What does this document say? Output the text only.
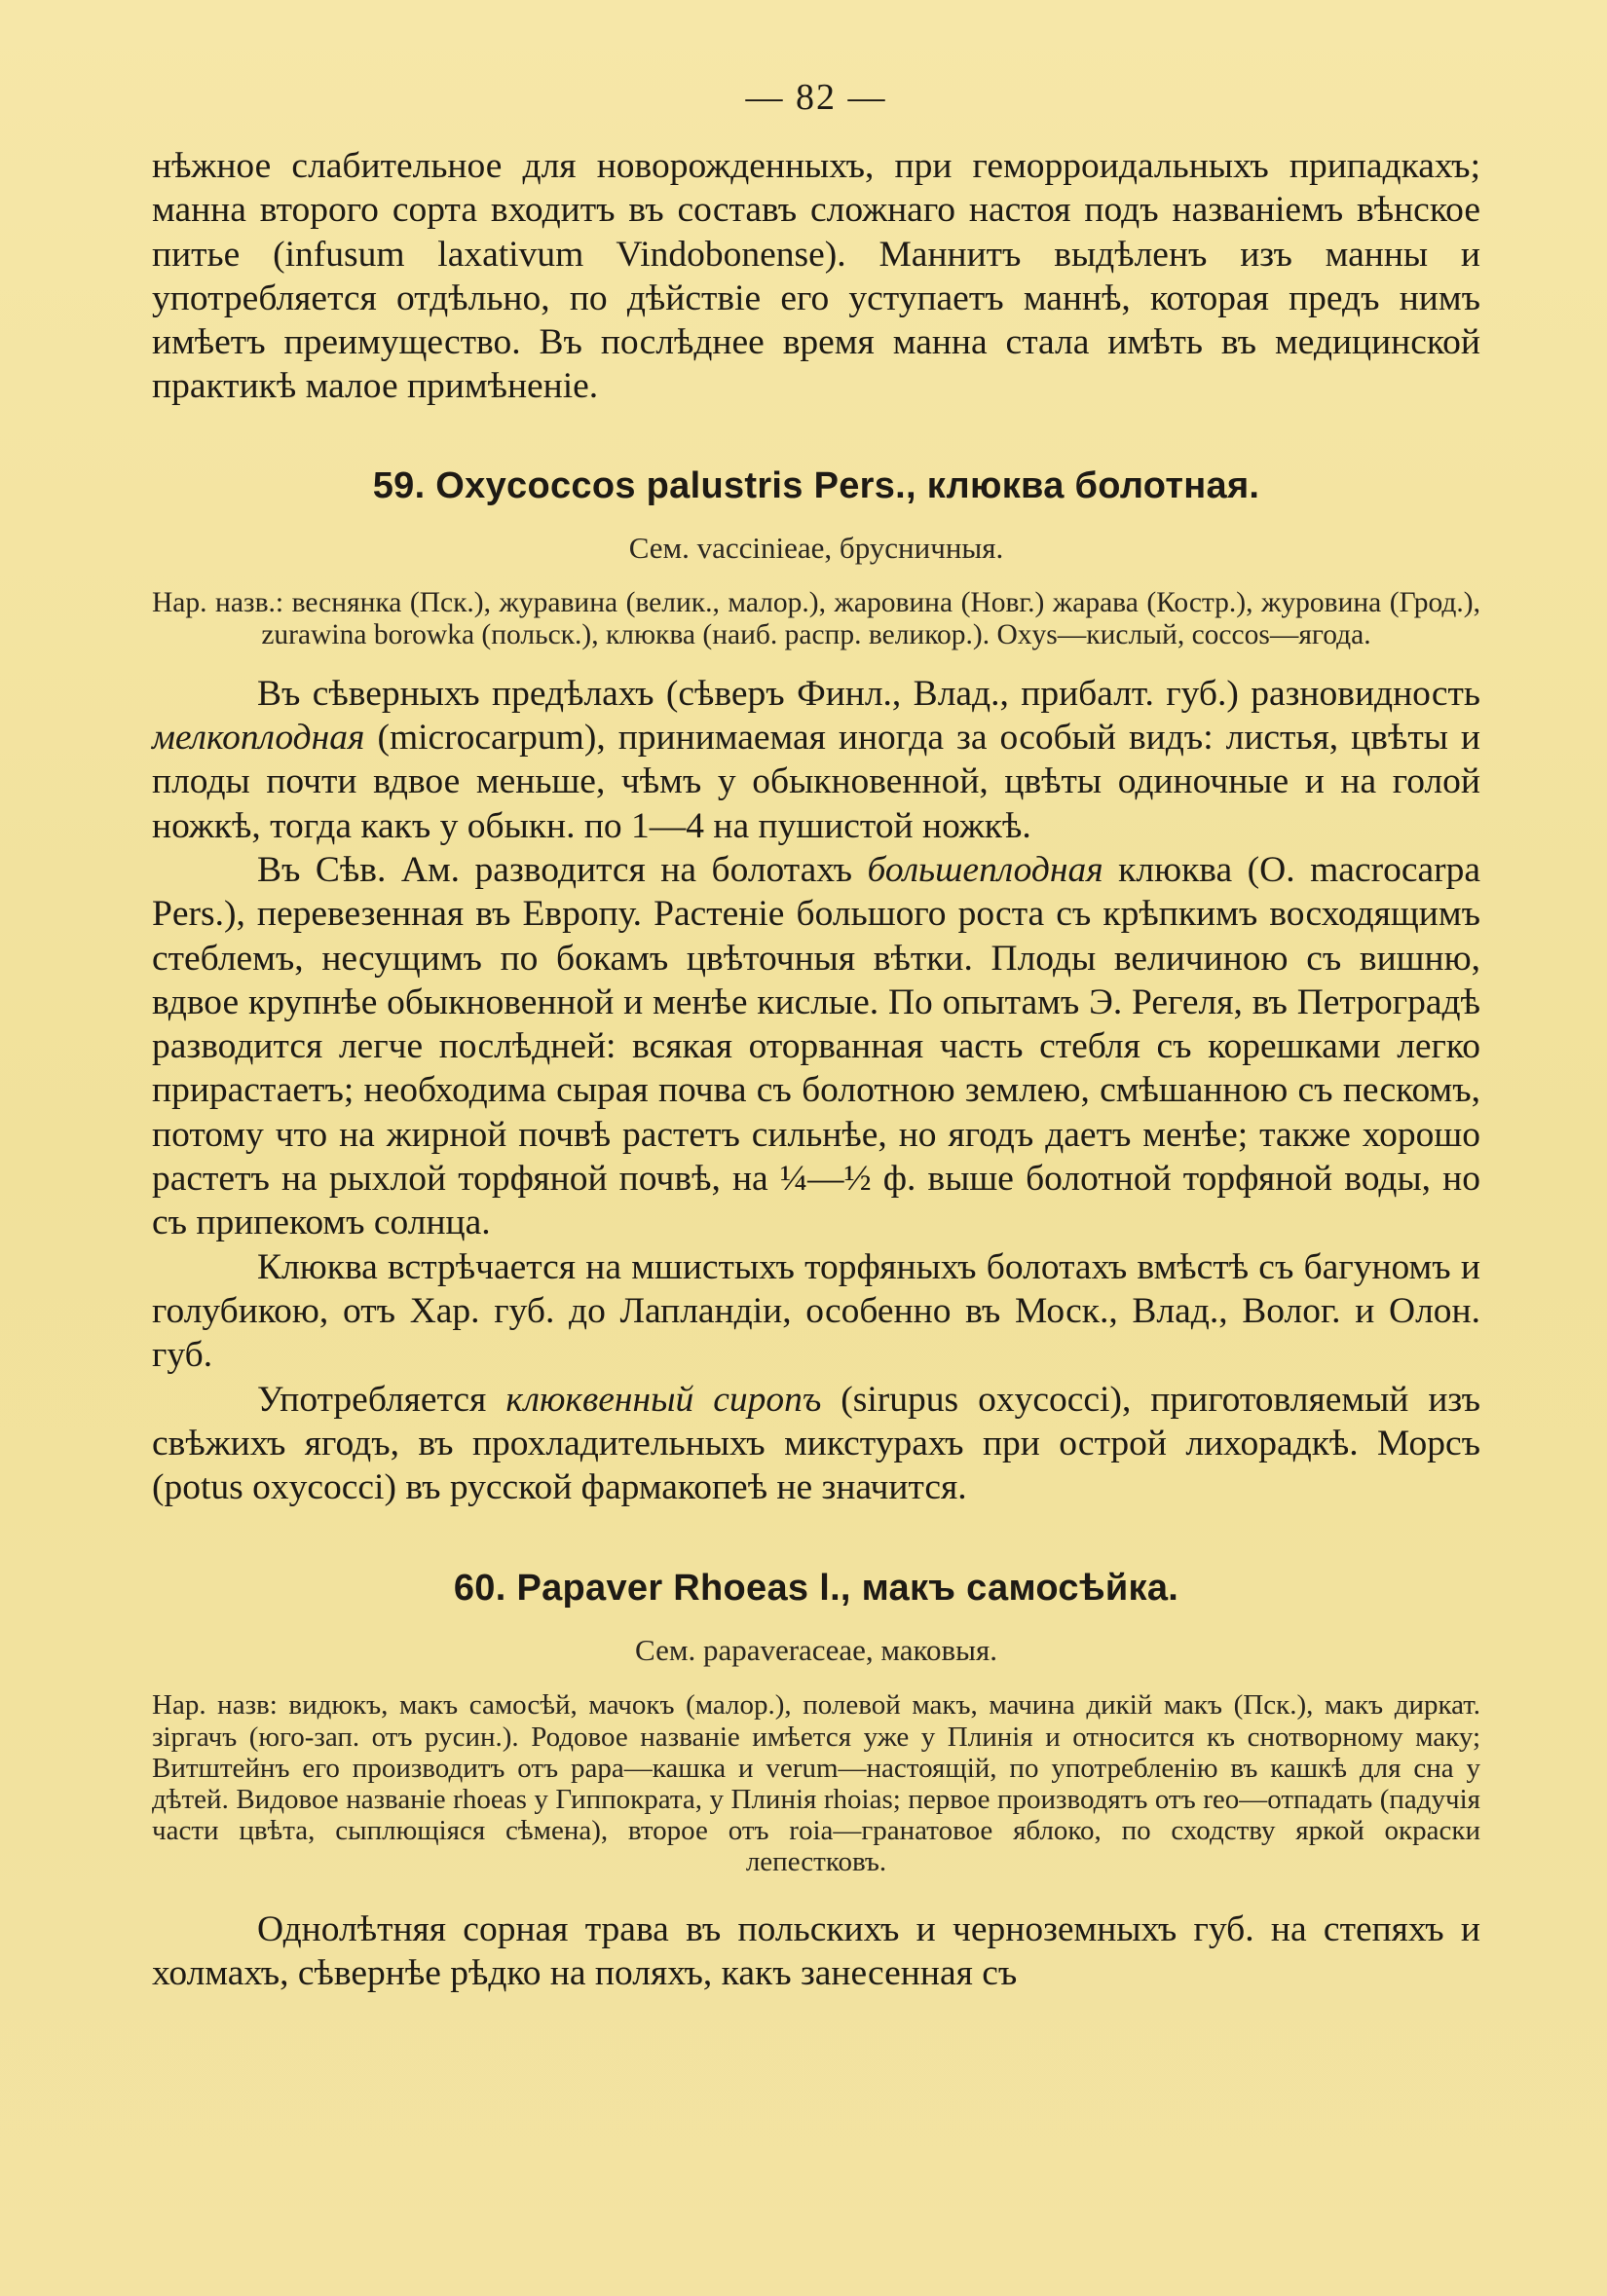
— 82 —

нѣжное слабительное для новорожденныхъ, при геморроидальныхъ припадкахъ; манна второго сорта входитъ въ составъ сложнаго настоя подъ названіемъ вѣнское питье (infusum laxativum Vindobonense). Маннитъ выдѣленъ изъ манны и употребляется отдѣльно, по дѣйствіе его уступаетъ маннѣ, которая предъ нимъ имѣетъ преимущество. Въ послѣднее время манна стала имѣть въ медицинской практикѣ малое примѣненіе.

59. Oxycoccos palustris Pers., клюква болотная.
Сем. vaccinieae, брусничныя.

Нар. назв.: веснянка (Пск.), журавина (велик., малор.), жаровина (Новг.) жарава (Костр.), журовина (Грод.), zurawina borowka (польск.), клюква (наиб. распр. великор.). Oxys—кислый, coccos—ягода.

Въ сѣверныхъ предѣлахъ (сѣверъ Финл., Влад., прибалт. губ.) разновидность мелкоплодная (microcarpum), принимаемая иногда за особый видъ: листья, цвѣты и плоды почти вдвое меньше, чѣмъ у обыкновенной, цвѣты одиночные и на голой ножкѣ, тогда какъ у обыкн. по 1—4 на пушистой ножкѣ.

Въ Сѣв. Ам. разводится на болотахъ большеплодная клюква (O. macrocarpa Pers.), перевезенная въ Европу. Растеніе большого роста съ крѣпкимъ восходящимъ стеблемъ, несущимъ по бокамъ цвѣточныя вѣтки. Плоды величиною съ вишню, вдвое крупнѣе обыкновенной и менѣе кислые. По опытамъ Э. Регеля, въ Петроградѣ разводится легче послѣдней: всякая оторванная часть стебля съ корешками легко прирастаетъ; необходима сырая почва съ болотною землею, смѣшанною съ пескомъ, потому что на жирной почвѣ растетъ сильнѣе, но ягодъ даетъ менѣе; также хорошо растетъ на рыхлой торфяной почвѣ, на ¼—½ ф. выше болотной торфяной воды, но съ припекомъ солнца.

Клюква встрѣчается на мшистыхъ торфяныхъ болотахъ вмѣстѣ съ багуномъ и голубикою, отъ Хар. губ. до Лапландіи, особенно въ Моск., Влад., Волог. и Олон. губ.

Употребляется клюквенный сиропъ (sirupus oxycocci), приготовляемый изъ свѣжихъ ягодъ, въ прохладительныхъ микстурахъ при острой лихорадкѣ. Морсъ (potus oxycocci) въ русской фармакопеѣ не значится.

60. Papaver Rhoeas l., макъ самосѣйка.
Сем. papaveraceae, маковыя.

Нар. назв: видюкъ, макъ самосѣй, мачокъ (малор.), полевой макъ, мачина дикій макъ (Пск.), макъ диркат. зіргачъ (юго-зап. отъ русин.). Родовое названіе имѣется уже у Плинія и относится къ снотворному маку; Витштейнъ его производитъ отъ papa—кашка и verum—настоящій, по употребленію въ кашкѣ для сна у дѣтей. Видовое названіе rhoeas у Гиппократа, у Плинія rhoias; первое производятъ отъ reo—отпадать (падучія части цвѣта, сыплющіяся сѣмена), второе отъ roia—гранатовое яблоко, по сходству яркой окраски лепестковъ.

Однолѣтняя сорная трава въ польскихъ и черноземныхъ губ. на степяхъ и холмахъ, сѣвернѣе рѣдко на поляхъ, какъ занесенная съ
